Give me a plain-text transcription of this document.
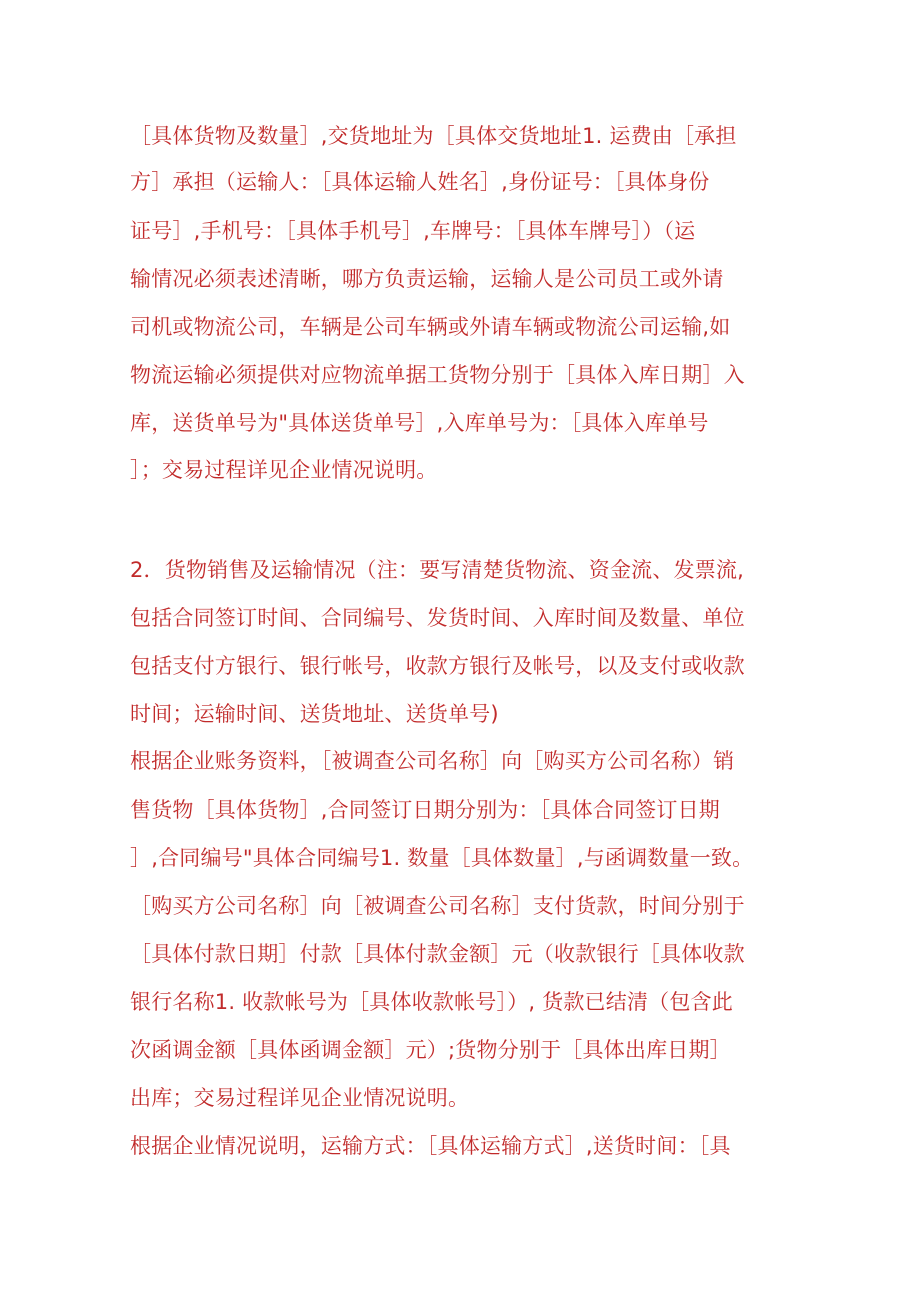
［具体货物及数量］,交货地址为［具体交货地址1. 运费由［承担
方］承担（运输人：［具体运输人姓名］,身份证号：［具体身份
证号］,手机号：［具体手机号］,车牌号：［具体车牌号］）（运
输情况必须表述清晰，哪方负责运输，运输人是公司员工或外请
司机或物流公司，车辆是公司车辆或外请车辆或物流公司运输,如
物流运输必须提供对应物流单据工货物分别于［具体入库日期］入
库，送货单号为"具体送货单号］,入库单号为：［具体入库单号
］；交易过程详见企业情况说明。
2．货物销售及运输情况（注：要写清楚货物流、资金流、发票流,
包括合同签订时间、合同编号、发货时间、入库时间及数量、单位
包括支付方银行、银行帐号，收款方银行及帐号，以及支付或收款
时间；运输时间、送货地址、送货单号)
根据企业账务资料，［被调查公司名称］向［购买方公司名称）销
售货物［具体货物］,合同签订日期分别为：［具体合同签订日期
］,合同编号"具体合同编号1. 数量［具体数量］,与函调数量一致。
［购买方公司名称］向［被调查公司名称］支付货款，时间分别于
［具体付款日期］付款［具体付款金额］元（收款银行［具体收款
银行名称1. 收款帐号为［具体收款帐号］）, 货款已结清（包含此
次函调金额［具体函调金额］元）;货物分别于［具体出库日期］
出库；交易过程详见企业情况说明。
根据企业情况说明，运输方式：［具体运输方式］,送货时间：［具
